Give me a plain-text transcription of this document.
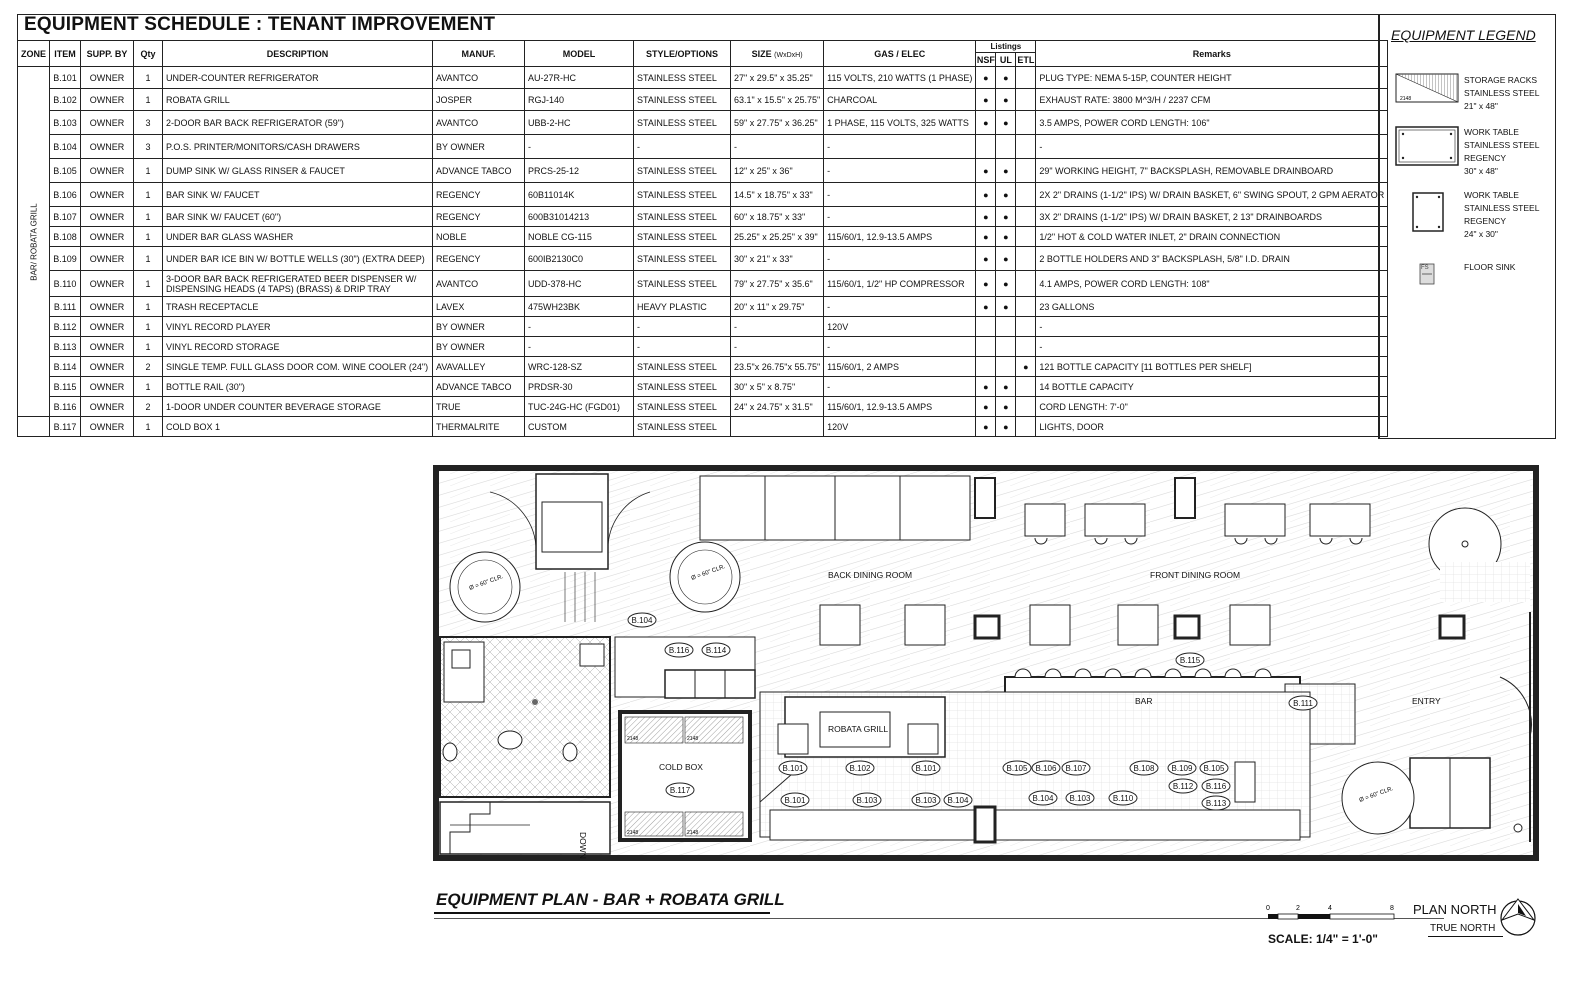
EQUIPMENT SCHEDULE : TENANT IMPROVEMENT
ZONE	ITEM	SUPP. BY	Qty	DESCRIPTION	MANUF.	MODEL	STYLE/OPTIONS	SIZE (WxDxH)	GAS / ELEC	Listings			Remarks
										NSF	UL	ETL	

BAR/ ROBATA GRILL	B.101	OWNER	1	UNDER-COUNTER REFRIGERATOR	AVANTCO	AU-27R-HC	STAINLESS STEEL	27" x 29.5" x 35.25"	115 VOLTS, 210 WATTS (1 PHASE)	●	●		PLUG TYPE: NEMA 5-15P, COUNTER HEIGHT
	B.102	OWNER	1	ROBATA GRILL	JOSPER	RGJ-140	STAINLESS STEEL	63.1" x 15.5" x 25.75"	CHARCOAL	●	●		EXHAUST RATE: 3800 M^3/H / 2237 CFM
	B.103	OWNER	3	2-DOOR BAR BACK REFRIGERATOR (59")	AVANTCO	UBB-2-HC	STAINLESS STEEL	59" x 27.75" x 36.25"	1 PHASE, 115 VOLTS, 325 WATTS	●	●		3.5 AMPS, POWER CORD LENGTH: 106"
	B.104	OWNER	3	P.O.S. PRINTER/MONITORS/CASH DRAWERS	BY OWNER	-	-	-	-				-
	B.105	OWNER	1	DUMP SINK W/ GLASS RINSER & FAUCET	ADVANCE TABCO	PRCS-25-12	STAINLESS STEEL	12" x 25" x 36"	-	●	●		29" WORKING HEIGHT, 7" BACKSPLASH, REMOVABLE DRAINBOARD
	B.106	OWNER	1	BAR SINK W/ FAUCET	REGENCY	60B11014K	STAINLESS STEEL	14.5" x 18.75" x 33"	-	●	●		2X 2" DRAINS (1-1/2" IPS) W/ DRAIN BASKET, 6" SWING SPOUT, 2 GPM AERATOR
	B.107	OWNER	1	BAR SINK W/ FAUCET (60")	REGENCY	600B31014213	STAINLESS STEEL	60" x 18.75" x 33"	-	●	●		3X 2" DRAINS (1-1/2" IPS) W/ DRAIN BASKET, 2 13" DRAINBOARDS
	B.108	OWNER	1	UNDER BAR GLASS WASHER	NOBLE	NOBLE CG-115	STAINLESS STEEL	25.25" x 25.25" x 39"	115/60/1, 12.9-13.5 AMPS	●	●		1/2" HOT & COLD WATER INLET, 2" DRAIN CONNECTION
	B.109	OWNER	1	UNDER BAR ICE BIN W/ BOTTLE WELLS (30") (EXTRA DEEP)	REGENCY	600IB2130C0	STAINLESS STEEL	30" x 21" x 33"	-	●	●		2 BOTTLE HOLDERS AND 3" BACKSPLASH, 5/8" I.D. DRAIN
	B.110	OWNER	1	3-DOOR BAR BACK REFRIGERATED BEER DISPENSER W/ DISPENSING HEADS (4 TAPS) (BRASS) & DRIP TRAY	AVANTCO	UDD-378-HC	STAINLESS STEEL	79" x 27.75" x 35.6"	115/60/1, 1/2" HP COMPRESSOR	●	●		4.1 AMPS, POWER CORD LENGTH: 108"
	B.111	OWNER	1	TRASH RECEPTACLE	LAVEX	475WH23BK	HEAVY PLASTIC	20" x 11" x 29.75"	-	●	●		23 GALLONS
	B.112	OWNER	1	VINYL RECORD PLAYER	BY OWNER	-	-	-	120V				-
	B.113	OWNER	1	VINYL RECORD STORAGE	BY OWNER	-	-	-	-				-
	B.114	OWNER	2	SINGLE TEMP. FULL GLASS DOOR COM. WINE COOLER (24")	AVAVALLEY	WRC-128-SZ	STAINLESS STEEL	23.5"x 26.75"x 55.75"	115/60/1, 2 AMPS			●	121 BOTTLE CAPACITY [11 BOTTLES PER SHELF]
	B.115	OWNER	1	BOTTLE RAIL (30")	ADVANCE TABCO	PRDSR-30	STAINLESS STEEL	30" x 5" x 8.75"	-	●	●		14 BOTTLE CAPACITY
	B.116	OWNER	2	1-DOOR UNDER COUNTER BEVERAGE STORAGE	TRUE	TUC-24G-HC (FGD01)	STAINLESS STEEL	24" x 24.75" x 31.5"	115/60/1, 12.9-13.5 AMPS	●	●		CORD LENGTH: 7'-0"
	B.117	OWNER	1	COLD BOX 1	THERMALRITE	CUSTOM	STAINLESS STEEL		120V	●	●		LIGHTS, DOOR
EQUIPMENT LEGEND
2148
FS
STORAGE RACKS
STAINLESS STEEL
21" x 48"
WORK TABLE
STAINLESS STEEL
REGENCY
30" x 48"
WORK TABLE
STAINLESS STEEL
REGENCY
24" x 30"
FLOOR SINK
DOWN
2148	2148
2148	2148
BACK DINING ROOM	FRONT DINING ROOM
BAR	ENTRY
ROBATA GRILL
COLD BOX
Ø = 60" CLR.
Ø = 60" CLR.
Ø = 60" CLR.
B.104
B.116 B.114
B.115
B.111
B.101	B.102	B.101	B.105 B.106 B.107	B.108 B.109 B.105
B.101	B.103	B.103 B.104	B.104 B.103	B.110
B.112 B.116
B.113
B.117
EQUIPMENT PLAN - BAR + ROBATA GRILL	0	2	4	8
SCALE: 1/4" = 1'-0"
PLAN NORTH
TRUE NORTH
